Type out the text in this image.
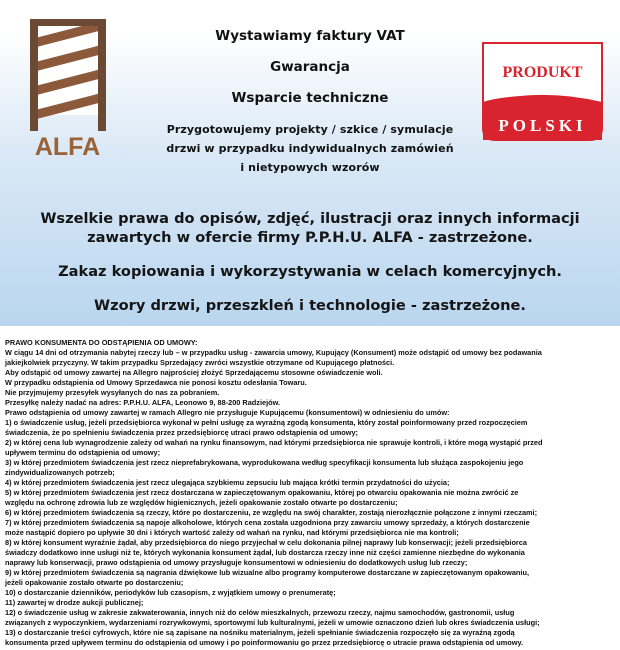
ALFA
PRODUKT
POLSKI
Wystawiamy faktury VAT
Gwarancja
Wsparcie techniczne
Przygotowujemy projekty / szkice / symulacje
drzwi w przypadku indywidualnych zamówień
i nietypowych wzorów
Wszelkie prawa do opisów, zdjęć, ilustracji oraz innych informacji
zawartych w ofercie firmy P.P.H.U. ALFA - zastrzeżone.
Zakaz kopiowania i wykorzystywania w celach komercyjnych.
Wzory drzwi, przeszkleń i technologie - zastrzeżone.
PRAWO KONSUMENTA DO ODSTĄPIENIA OD UMOWY:
W ciągu 14 dni od otrzymania nabytej rzeczy lub – w przypadku usług - zawarcia umowy, Kupujący (Konsument) może odstąpić od umowy bez podawania
jakiejkolwiek przyczyny. W takim przypadku Sprzedający zwróci wszystkie otrzymane od Kupującego płatności.
Aby odstąpić od umowy zawartej na Allegro najprościej złożyć Sprzedającemu stosowne oświadczenie woli.
W przypadku odstąpienia od Umowy Sprzedawca nie ponosi kosztu odesłania Towaru.
Nie przyjmujemy przesyłek wysyłanych do nas za pobraniem.
Przesyłkę należy nadać na adres: P.P.H.U. ALFA, Leonowo 9, 88-200 Radziejów.
Prawo odstąpienia od umowy zawartej w ramach Allegro nie przysługuje Kupującemu (konsumentowi) w odniesieniu do umów:
1) o świadczenie usług, jeżeli przedsiębiorca wykonał w pełni usługę za wyraźną zgodą konsumenta, który został poinformowany przed rozpoczęciem
świadczenia, że po spełnieniu świadczenia przez przedsiębiorcę utraci prawo odstąpienia od umowy;
2) w której cena lub wynagrodzenie zależy od wahań na rynku finansowym, nad którymi przedsiębiorca nie sprawuje kontroli, i które mogą wystąpić przed
upływem terminu do odstąpienia od umowy;
3) w której przedmiotem świadczenia jest rzecz nieprefabrykowana, wyprodukowana według specyfikacji konsumenta lub służąca zaspokojeniu jego
zindywidualizowanych potrzeb;
4) w której przedmiotem świadczenia jest rzecz ulegająca szybkiemu zepsuciu lub mająca krótki termin przydatności do użycia;
5) w której przedmiotem świadczenia jest rzecz dostarczana w zapieczętowanym opakowaniu, której po otwarciu opakowania nie można zwrócić ze
względu na ochronę zdrowia lub ze względów higienicznych, jeżeli opakowanie zostało otwarte po dostarczeniu;
6) w której przedmiotem świadczenia są rzeczy, które po dostarczeniu, ze względu na swój charakter, zostają nierozłącznie połączone z innymi rzeczami;
7) w której przedmiotem świadczenia są napoje alkoholowe, których cena została uzgodniona przy zawarciu umowy sprzedaży, a których dostarczenie
może nastąpić dopiero po upływie 30 dni i których wartość zależy od wahań na rynku, nad którymi przedsiębiorca nie ma kontroli;
8) w której konsument wyraźnie żądał, aby przedsiębiorca do niego przyjechał w celu dokonania pilnej naprawy lub konserwacji; jeżeli przedsiębiorca
świadczy dodatkowo inne usługi niż te, których wykonania konsument żądał, lub dostarcza rzeczy inne niż części zamienne niezbędne do wykonania
naprawy lub konserwacji, prawo odstąpienia od umowy przysługuje konsumentowi w odniesieniu do dodatkowych usług lub rzeczy;
9) w której przedmiotem świadczenia są nagrania dźwiękowe lub wizualne albo programy komputerowe dostarczane w zapieczętowanym opakowaniu,
jeżeli opakowanie zostało otwarte po dostarczeniu;
10) o dostarczanie dzienników, periodyków lub czasopism, z wyjątkiem umowy o prenumeratę;
11) zawartej w drodze aukcji publicznej;
12) o świadczenie usług w zakresie zakwaterowania, innych niż do celów mieszkalnych, przewozu rzeczy, najmu samochodów, gastronomii, usług
związanych z wypoczynkiem, wydarzeniami rozrywkowymi, sportowymi lub kulturalnymi, jeżeli w umowie oznaczono dzień lub okres świadczenia usługi;
13) o dostarczanie treści cyfrowych, które nie są zapisane na nośniku materialnym, jeżeli spełnianie świadczenia rozpoczęło się za wyraźną zgodą
konsumenta przed upływem terminu do odstąpienia od umowy i po poinformowaniu go przez przedsiębiorcę o utracie prawa odstąpienia od umowy.
